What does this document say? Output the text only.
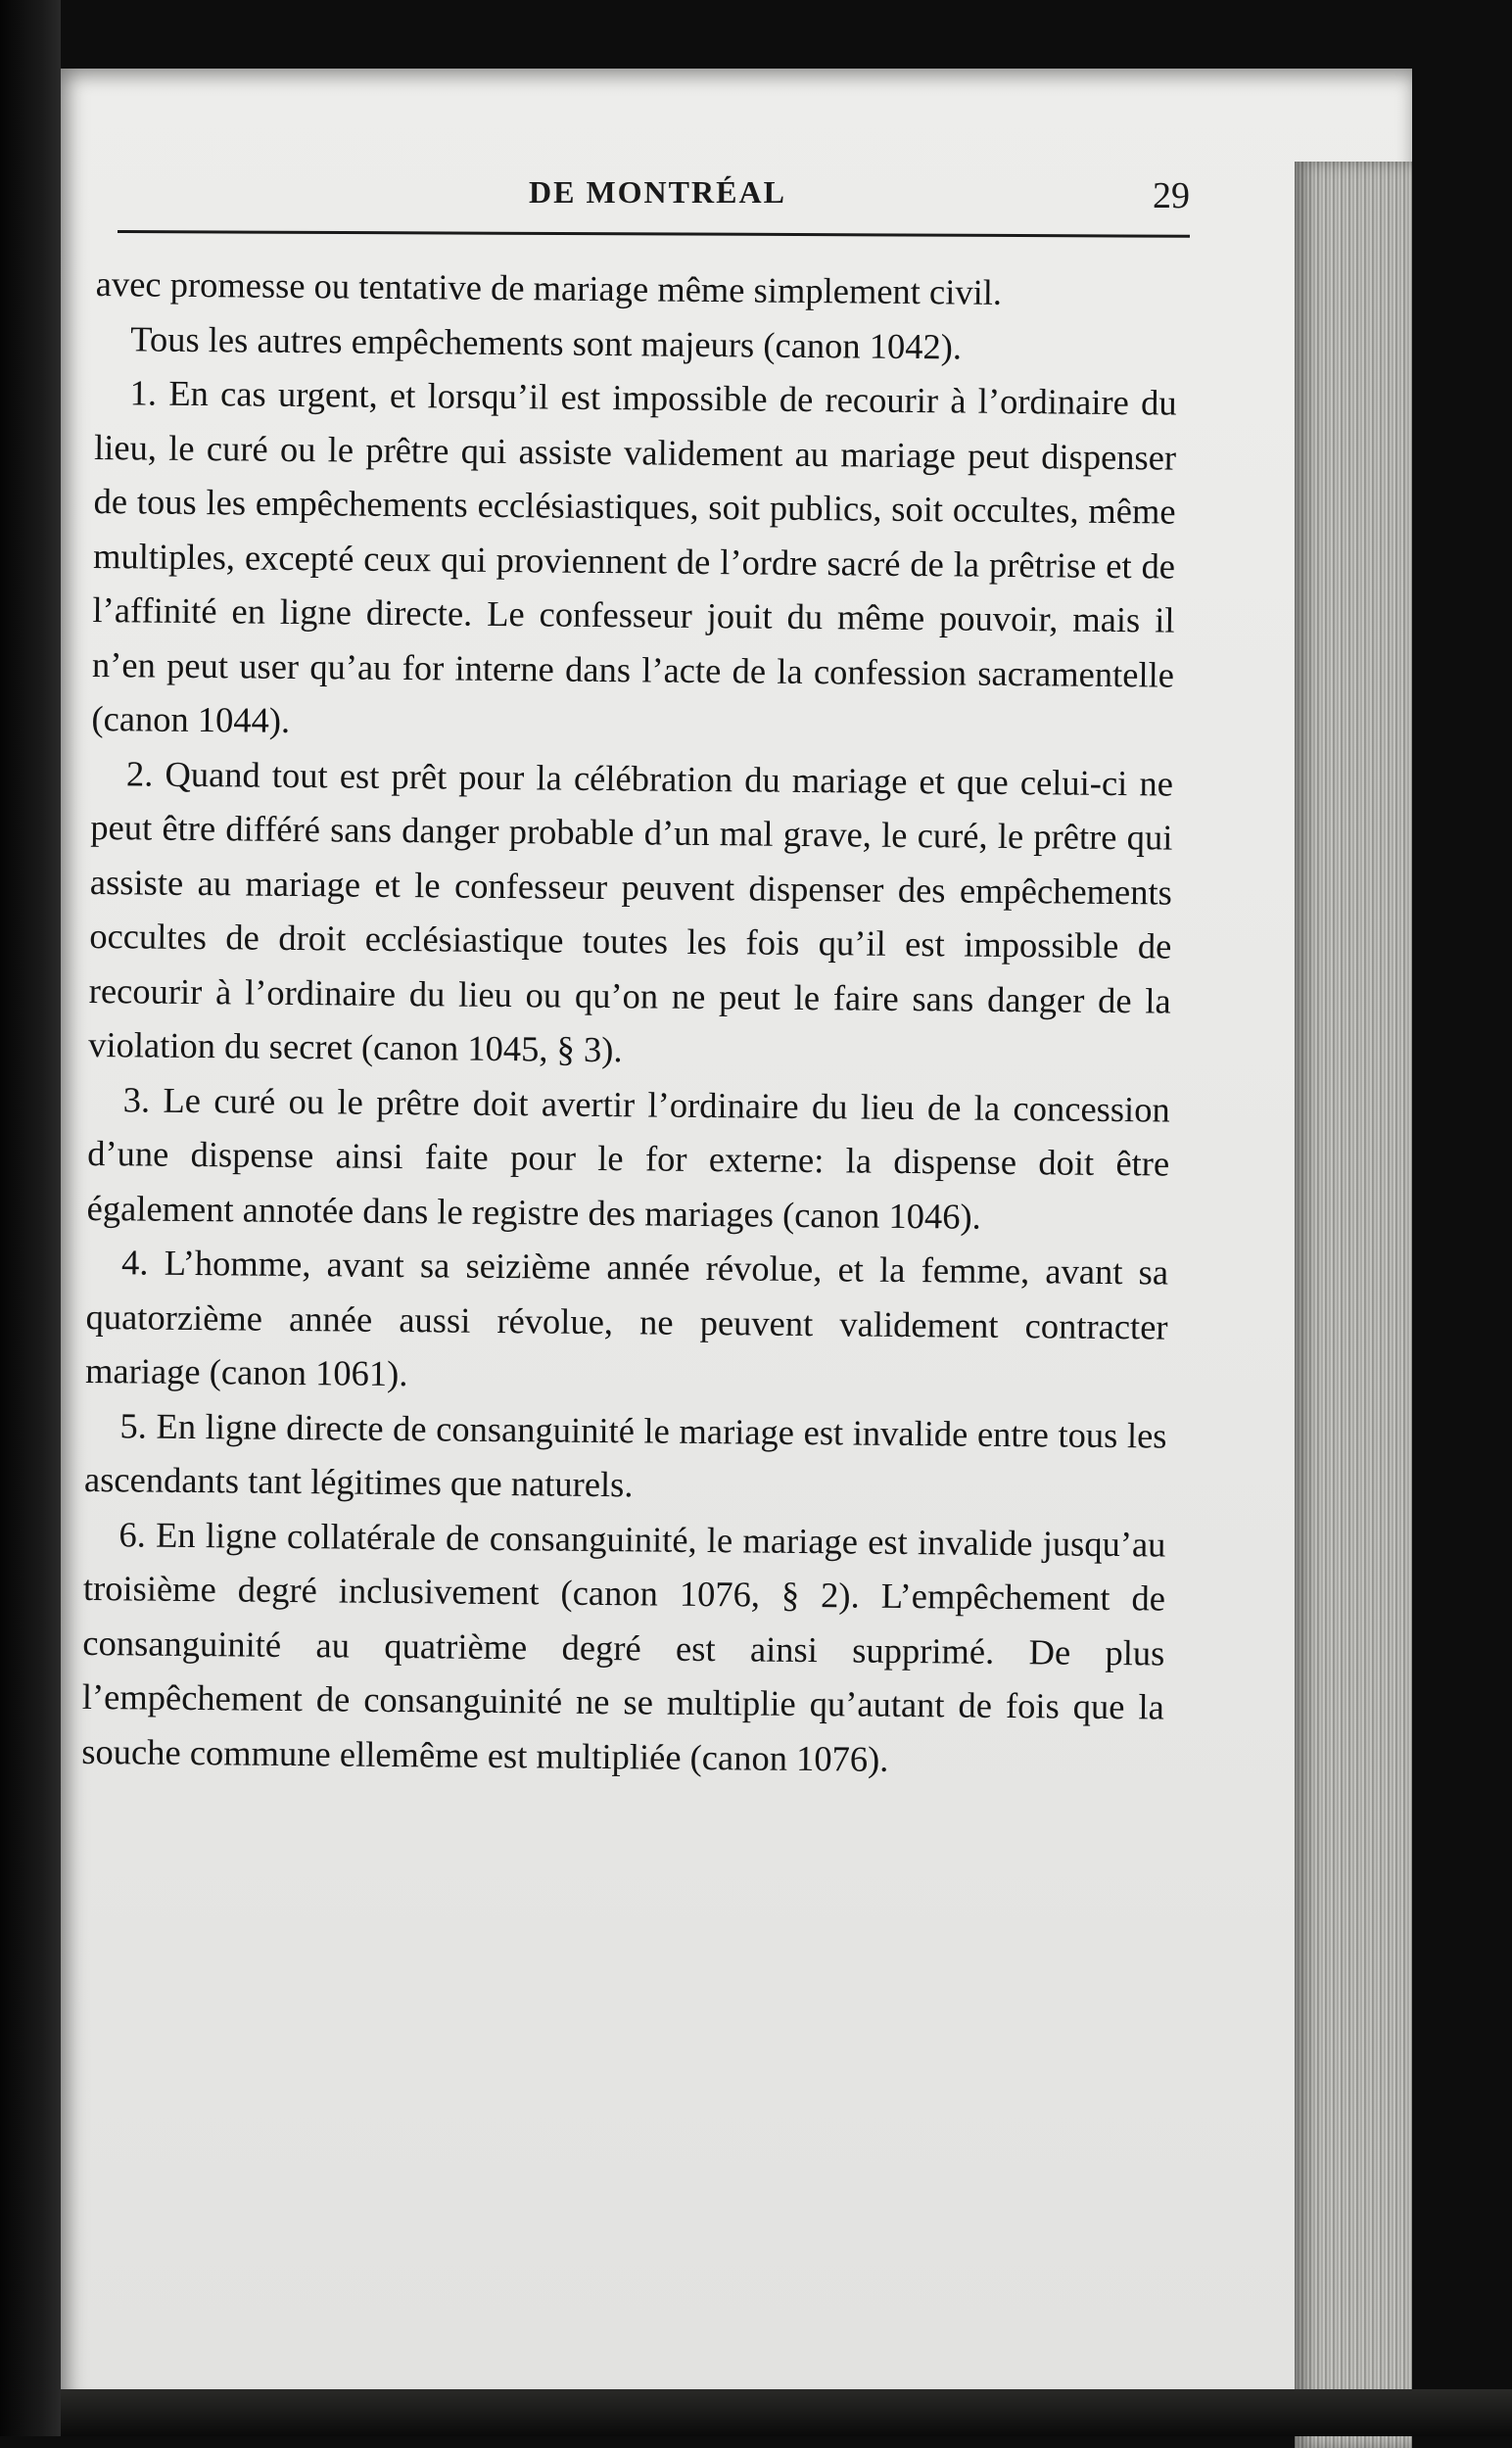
DE MONTRÉAL	29

avec promesse ou tentative de mariage même simplement civil.

Tous les autres empêchements sont majeurs (canon 1042).

1. En cas urgent, et lorsqu’il est impossible de recourir à l’ordinaire du lieu, le curé ou le prêtre qui assiste validement au mariage peut dispenser de tous les empêchements ecclésiastiques, soit publics, soit occultes, même multiples, excepté ceux qui proviennent de l’ordre sacré de la prêtrise et de l’affinité en ligne directe. Le confesseur jouit du même pouvoir, mais il n’en peut user qu’au for interne dans l’acte de la confession sacramentelle (canon 1044).

2. Quand tout est prêt pour la célébration du mariage et que celui-ci ne peut être différé sans danger probable d’un mal grave, le curé, le prêtre qui assiste au mariage et le confesseur peuvent dispenser des empêchements occultes de droit ecclésiastique toutes les fois qu’il est impossible de recourir à l’ordinaire du lieu ou qu’on ne peut le faire sans danger de la violation du secret (canon 1045, § 3).

3. Le curé ou le prêtre doit avertir l’ordinaire du lieu de la concession d’une dispense ainsi faite pour le for externe: la dispense doit être également annotée dans le registre des mariages (canon 1046).

4. L’homme, avant sa seizième année révolue, et la femme, avant sa quatorzième année aussi révolue, ne peuvent validement contracter mariage (canon 1061).

5. En ligne directe de consanguinité le mariage est invalide entre tous les ascendants tant légitimes que naturels.

6. En ligne collatérale de consanguinité, le mariage est invalide jusqu’au troisième degré inclusivement (canon 1076, § 2). L’empêchement de consanguinité au quatrième degré est ainsi supprimé. De plus l’empêchement de consanguinité ne se multiplie qu’autant de fois que la souche commune ellemême est multipliée (canon 1076).
